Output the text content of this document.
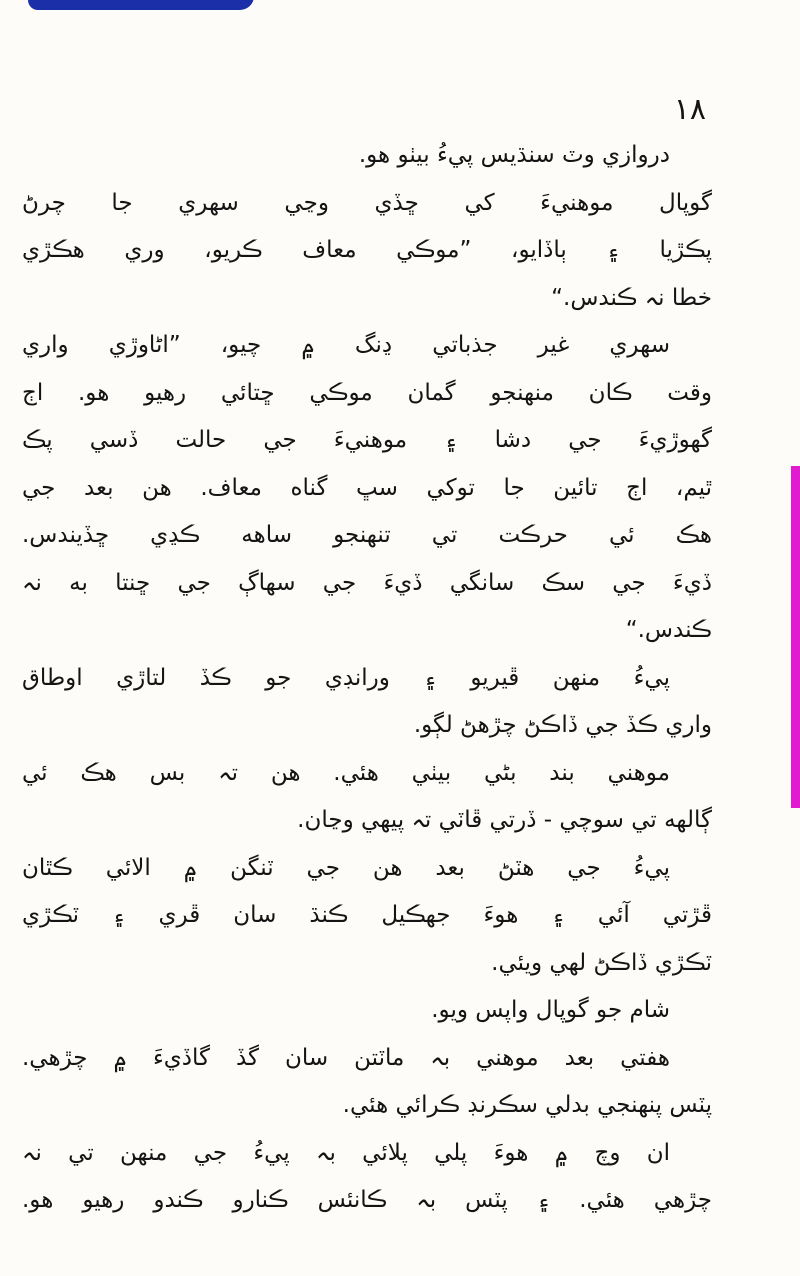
١٨
دروازي وٽ سنڌيس پيءُ بيٺو هو.
گوپال موهنيءَ کي ڇڏي وڃي سهري جا چرڻ
پڪڙيا ۽ ٻاڏايو، ”موڪي معاف ڪريو، وري هڪڙي
خطا نہ ڪندس.“
سهري غير جذباتي ڍنگ ۾ چيو، ”اڻاوڙي واري
وقت ڪان منهنجو گمان موڪي ڇتائي رهيو هو. اڄ
گهوڙيءَ جي دشا ۽ موهنيءَ جي حالت ڏسي پڪ
ٿيم، اڄ تائين جا توکي سڀ گناه معاف. هن بعد جي
هڪ ئي حرڪت تي تنهنجو ساهه ڪڍي ڇڏيندس.
ڏيءَ جي سڪ سانگي ڏيءَ جي سهاڳ جي ڇنتا به نہ
ڪندس.“
پيءُ منهن ڦيريو ۽ ورانڊي جو ڪڏ لتاڙي اوطاق
واري ڪڏ جي ڏاڪڻ چڙهڻ لڳو.
موهني بند بڻي بيٺي هئي. هن تہ بس هڪ ئي
ڳالهه تي سوچي - ڏرتي ڦاٽي تہ پيهي وڃان.
پيءُ جي هٽڻ بعد هن جي ٽنگن ۾ الائي ڪٿان
ڦڙتي آئي ۽ هوءَ جهڪيل ڪنڌ سان ڦري ۽ ٽڪڙي
ٽڪڙي ڏاڪڻ لهي ويئي.
شام جو گوپال واپس ويو.
هفتي بعد موهني بہ ماٽتن سان گڏ گاڏيءَ ۾ چڙهي.
پٽس پنهنجي بدلي سڪرنڊ ڪرائي هئي.
ان وچ ۾ هوءَ پلي پلائي بہ پيءُ جي منهن تي نہ
چڙهي هئي. ۽ پٽس بہ ڪانئس ڪنارو ڪندو رهيو هو.
